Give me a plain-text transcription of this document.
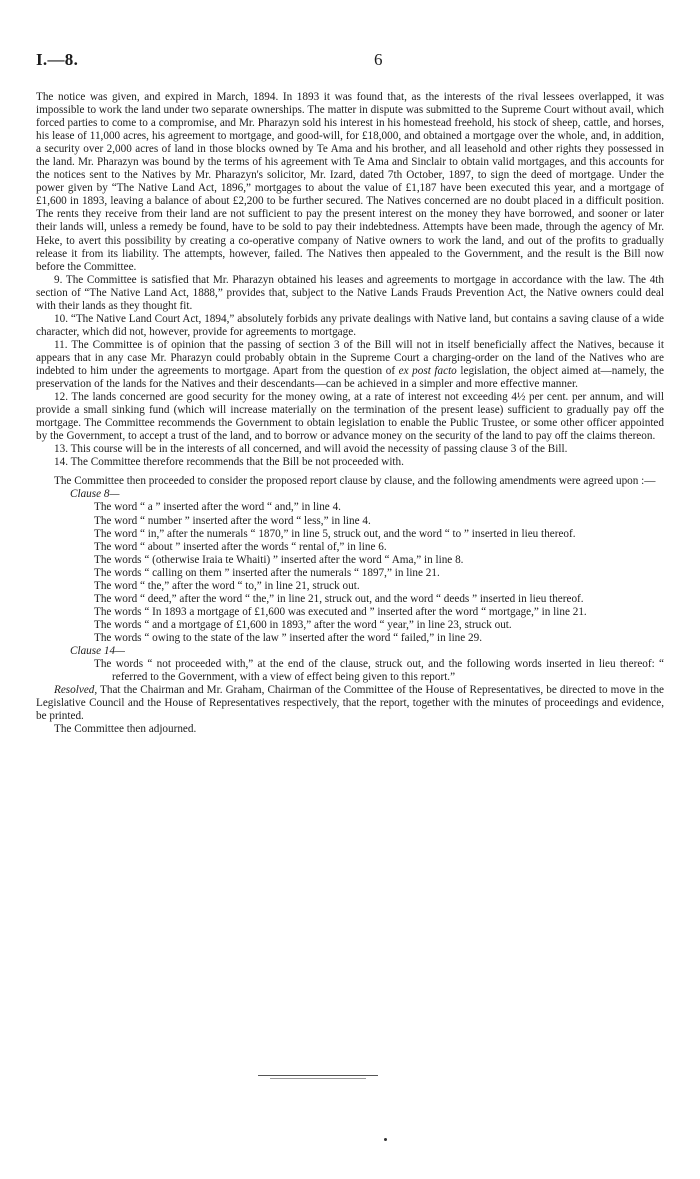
I.—8.	6

The notice was given, and expired in March, 1894. In 1893 it was found that, as the interests of the rival lessees overlapped, it was impossible to work the land under two separate ownerships. The matter in dispute was submitted to the Supreme Court without avail, which forced parties to come to a compromise, and Mr. Pharazyn sold his interest in his homestead freehold, his stock of sheep, cattle, and horses, his lease of 11,000 acres, his agreement to mortgage, and good-will, for £18,000, and obtained a mortgage over the whole, and, in addition, a security over 2,000 acres of land in those blocks owned by Te Ama and his brother, and all leasehold and other rights they possessed in the land. Mr. Pharazyn was bound by the terms of his agreement with Te Ama and Sinclair to obtain valid mortgages, and this accounts for the notices sent to the Natives by Mr. Pharazyn's solicitor, Mr. Izard, dated 7th October, 1897, to sign the deed of mortgage. Under the power given by “The Native Land Act, 1896,” mortgages to about the value of £1,187 have been executed this year, and a mortgage of £1,600 in 1893, leaving a balance of about £2,200 to be further secured. The Natives concerned are no doubt placed in a difficult position. The rents they receive from their land are not sufficient to pay the present interest on the money they have borrowed, and sooner or later their lands will, unless a remedy be found, have to be sold to pay their indebtedness. Attempts have been made, through the agency of Mr. Heke, to avert this possibility by creating a co-operative company of Native owners to work the land, and out of the profits to gradually release it from its liability. The attempts, however, failed. The Natives then appealed to the Government, and the result is the Bill now before the Committee.

9. The Committee is satisfied that Mr. Pharazyn obtained his leases and agreements to mortgage in accordance with the law. The 4th section of “The Native Land Act, 1888,” provides that, subject to the Native Lands Frauds Prevention Act, the Native owners could deal with their lands as they thought fit.

10. “The Native Land Court Act, 1894,” absolutely forbids any private dealings with Native land, but contains a saving clause of a wide character, which did not, however, provide for agreements to mortgage.

11. The Committee is of opinion that the passing of section 3 of the Bill will not in itself beneficially affect the Natives, because it appears that in any case Mr. Pharazyn could probably obtain in the Supreme Court a charging-order on the land of the Natives who are indebted to him under the agreements to mortgage. Apart from the question of ex post facto legislation, the object aimed at—namely, the preservation of the lands for the Natives and their descendants—can be achieved in a simpler and more effective manner.

12. The lands concerned are good security for the money owing, at a rate of interest not exceeding 4½ per cent. per annum, and will provide a small sinking fund (which will increase materially on the termination of the present lease) sufficient to gradually pay off the mortgage. The Committee recommends the Government to obtain legislation to enable the Public Trustee, or some other officer appointed by the Government, to accept a trust of the land, and to borrow or advance money on the security of the land to pay off the claims thereon.

13. This course will be in the interests of all concerned, and will avoid the necessity of passing clause 3 of the Bill.

14. The Committee therefore recommends that the Bill be not proceeded with.

The Committee then proceeded to consider the proposed report clause by clause, and the following amendments were agreed upon :—

Clause 8—

The word “ a ” inserted after the word “ and,” in line 4.

The word “ number ” inserted after the word “ less,” in line 4.

The word “ in,” after the numerals “ 1870,” in line 5, struck out, and the word “ to ” inserted in lieu thereof.

The word “ about ” inserted after the words “ rental of,” in line 6.

The words “ (otherwise Iraia te Whaiti) ” inserted after the word “ Ama,” in line 8.

The words “ calling on them ” inserted after the numerals “ 1897,” in line 21.

The word “ the,” after the word “ to,” in line 21, struck out.

The word “ deed,” after the word “ the,” in line 21, struck out, and the word “ deeds ” inserted in lieu thereof.

The words “ In 1893 a mortgage of £1,600 was executed and ” inserted after the word “ mortgage,” in line 21.

The words “ and a mortgage of £1,600 in 1893,” after the word “ year,” in line 23, struck out.

The words “ owing to the state of the law ” inserted after the word “ failed,” in line 29.

Clause 14—

The words “ not proceeded with,” at the end of the clause, struck out, and the following words inserted in lieu thereof: “ referred to the Government, with a view of effect being given to this report.”

Resolved, That the Chairman and Mr. Graham, Chairman of the Committee of the House of Representatives, be directed to move in the Legislative Council and the House of Representatives respectively, that the report, together with the minutes of proceedings and evidence, be printed.

The Committee then adjourned.
